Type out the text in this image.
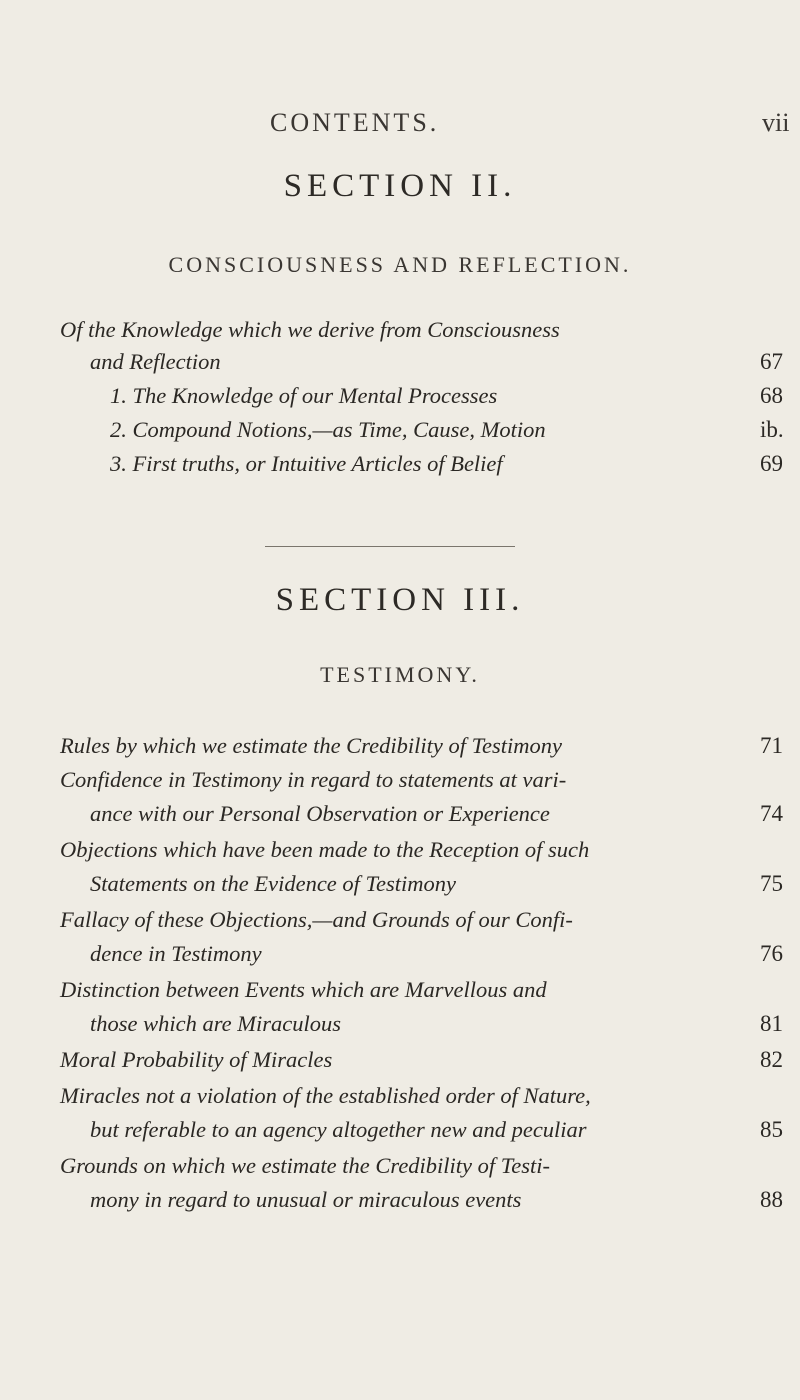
CONTENTS.	vii
SECTION II.
CONSCIOUSNESS AND REFLECTION.
Of the Knowledge which we derive from Consciousness
and Reflection	67
1. The Knowledge of our Mental Processes	68
2. Compound Notions,—as Time, Cause, Motion	ib.
3. First truths, or Intuitive Articles of Belief	69
SECTION III.
TESTIMONY.
Rules by which we estimate the Credibility of Testimony	71
Confidence in Testimony in regard to statements at vari-
ance with our Personal Observation or Experience	74
Objections which have been made to the Reception of such
Statements on the Evidence of Testimony	75
Fallacy of these Objections,—and Grounds of our Confi-
dence in Testimony	76
Distinction between Events which are Marvellous and
those which are Miraculous	81
Moral Probability of Miracles	82
Miracles not a violation of the established order of Nature,
but referable to an agency altogether new and peculiar	85
Grounds on which we estimate the Credibility of Testi-
mony in regard to unusual or miraculous events	88
